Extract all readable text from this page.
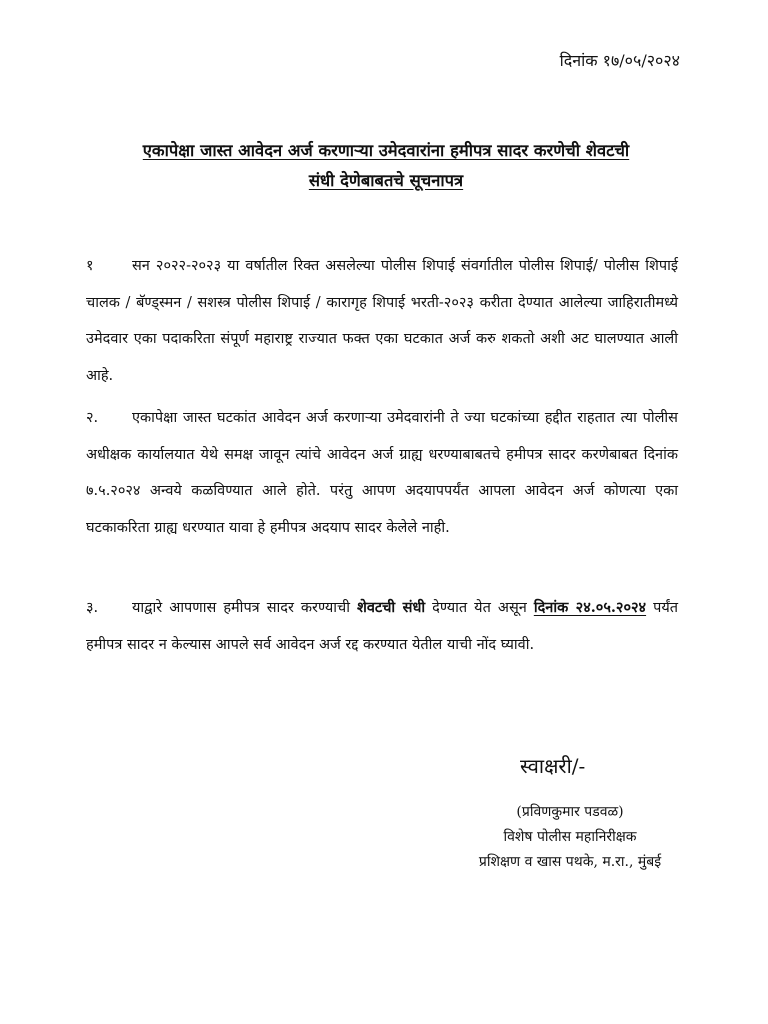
दिनांक १७/०५/२०२४
एकापेक्षा जास्त आवेदन अर्ज करणाऱ्या उमेदवारांना हमीपत्र सादर करणेची शेवटची
संधी देणेबाबतचे सूचनापत्र
१	सन २०२२-२०२३ या वर्षातील रिक्त असलेल्या पोलीस शिपाई संवर्गातील पोलीस शिपाई/ पोलीस शिपाई चालक / बॅण्ड्स्मन / सशस्त्र पोलीस शिपाई / कारागृह शिपाई भरती-२०२३ करीता देण्यात आलेल्या जाहिरातीमध्ये उमेदवार एका पदाकरिता संपूर्ण महाराष्ट्र राज्यात फक्त एका घटकात अर्ज करु शकतो अशी अट घालण्यात आली आहे.
२. एकापेक्षा जास्त घटकांत आवेदन अर्ज करणाऱ्या उमेदवारांनी ते ज्या घटकांच्या हद्दीत राहतात त्या पोलीस अधीक्षक कार्यालयात येथे समक्ष जावून त्यांचे आवेदन अर्ज ग्राह्य धरण्याबाबतचे हमीपत्र सादर करणेबाबत दिनांक ७.५.२०२४ अन्वये कळविण्यात आले होते. परंतु आपण अदयापपर्यंत आपला आवेदन अर्ज कोणत्या एका घटकाकरिता ग्राह्य धरण्यात यावा हे हमीपत्र अदयाप सादर केलेले नाही.
३. याद्वारे आपणास हमीपत्र सादर करण्याची शेवटची संधी देण्यात येत असून दिनांक २४.०५.२०२४ पर्यंत हमीपत्र सादर न केल्यास आपले सर्व आवेदन अर्ज रद्द करण्यात येतील याची नोंद घ्यावी.
स्वाक्षरी/-
(प्रविणकुमार पडवळ)
विशेष पोलीस महानिरीक्षक
प्रशिक्षण व खास पथके, म.रा., मुंबई
